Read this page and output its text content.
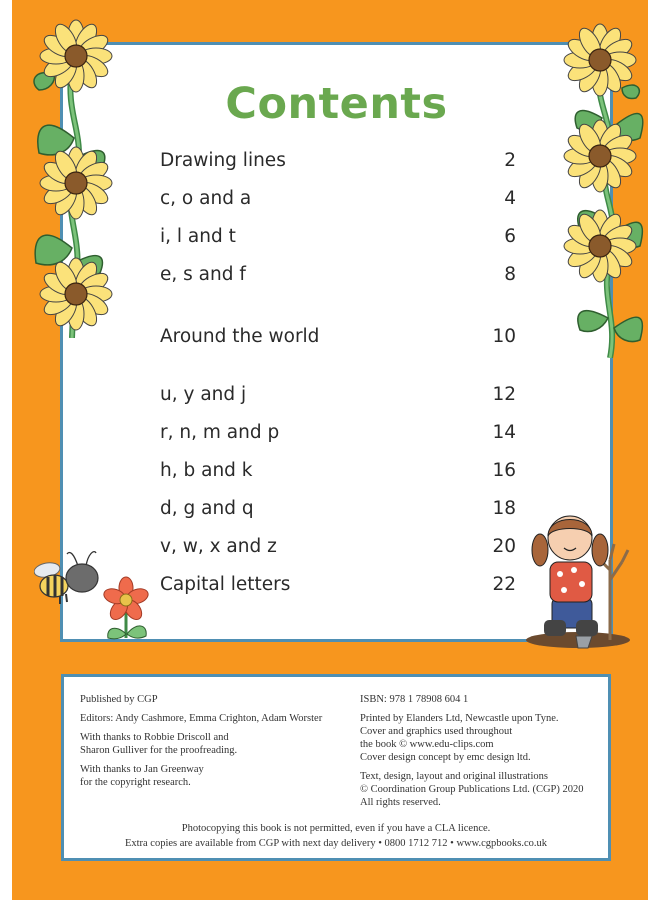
Contents
Drawing lines	2
c, o and a	4
i, l and t	6
e, s and f	8
Around the world	10
u, y and j	12
r, n, m and p	14
h, b and k	16
d, g and q	18
v, w, x and z	20
Capital letters	22

Published by CGP

Editors: Andy Cashmore, Emma Crighton, Adam Worster

With thanks to Robbie Driscoll and
Sharon Gulliver for the proofreading.

With thanks to Jan Greenway
for the copyright research.

ISBN: 978 1 78908 604 1

Printed by Elanders Ltd, Newcastle upon Tyne.
Cover and graphics used throughout
the book © www.edu-clips.com
Cover design concept by emc design ltd.

Text, design, layout and original illustrations
© Coordination Group Publications Ltd. (CGP) 2020
All rights reserved.

Photocopying this book is not permitted, even if you have a CLA licence.
Extra copies are available from CGP with next day delivery • 0800 1712 712 • www.cgpbooks.co.uk
